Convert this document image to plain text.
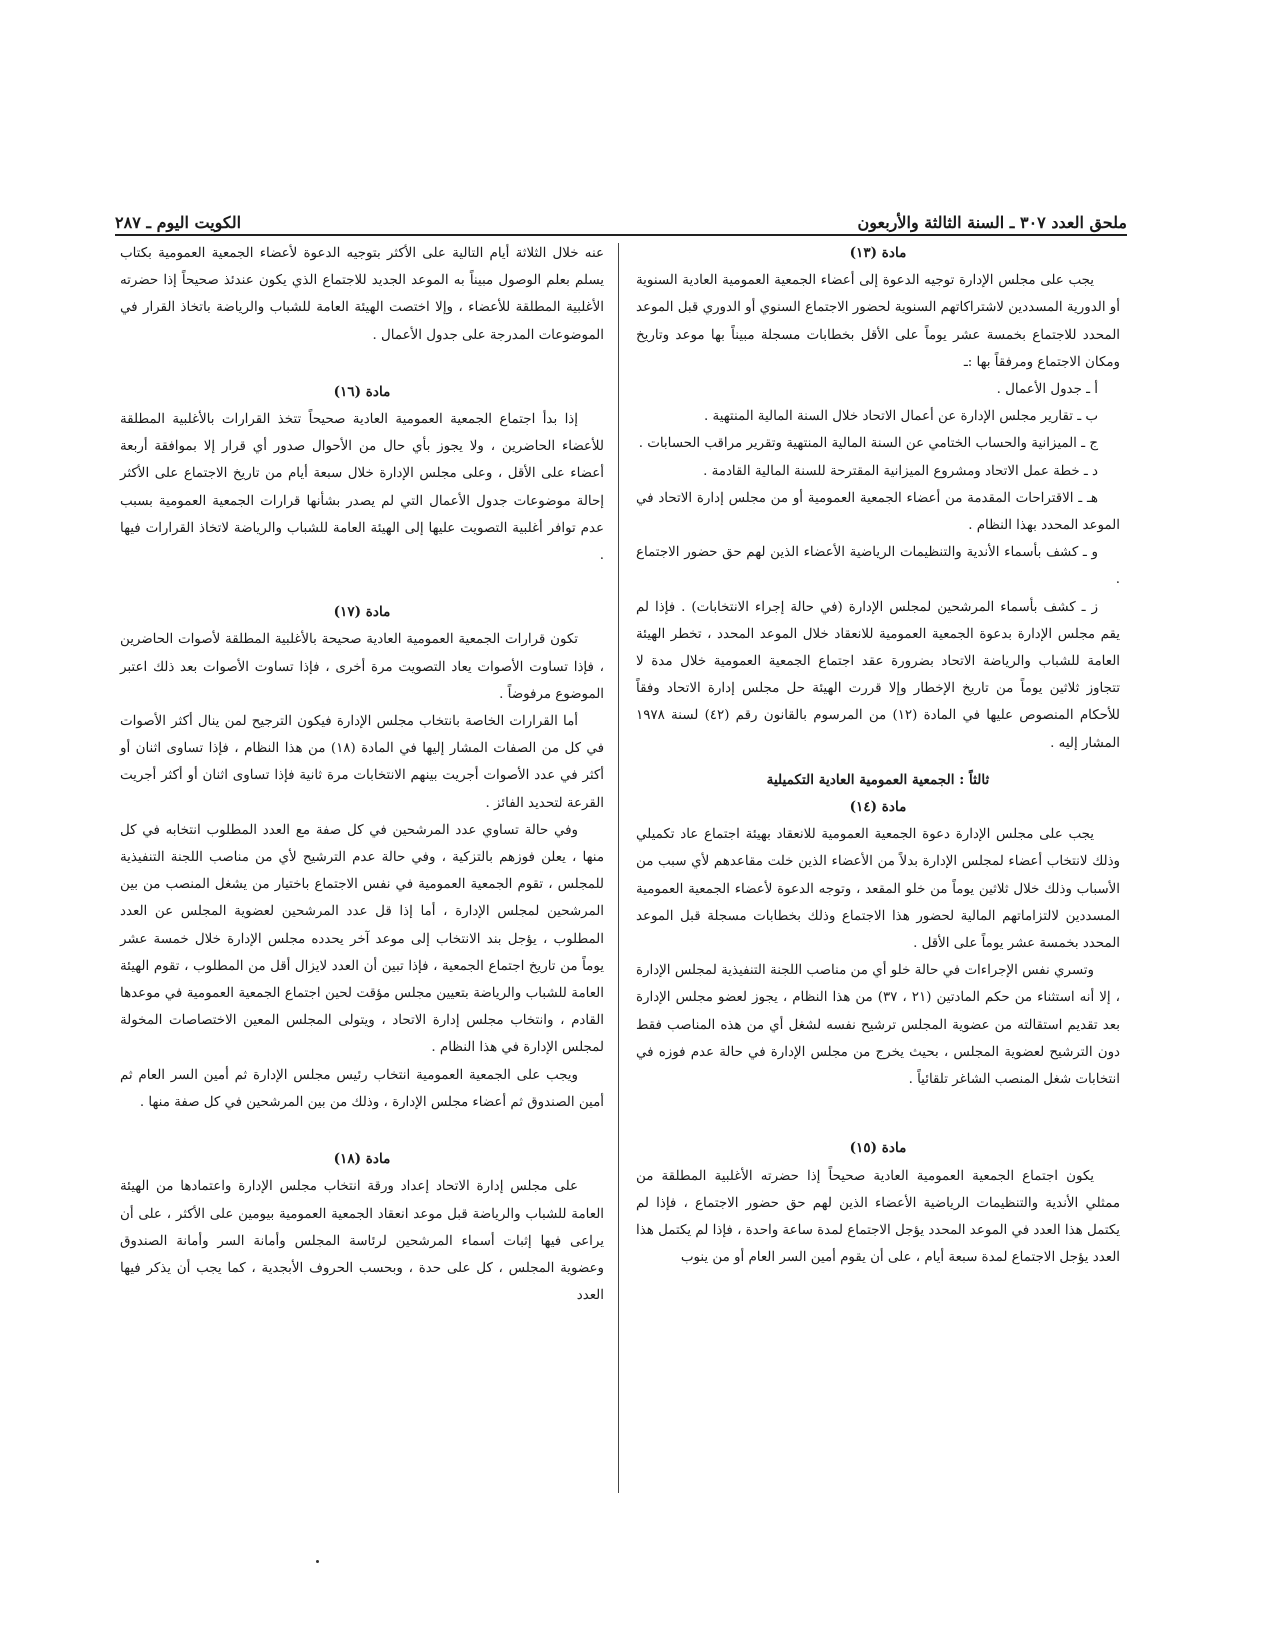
ملحق العدد ٣٠٧ ـ السنة الثالثة والأربعون
الكويت اليوم ـ ٢٨٧
مادة (١٣)

يجب على مجلس الإدارة توجيه الدعوة إلى أعضاء الجمعية العمومية العادية السنوية أو الدورية المسددين لاشتراكاتهم السنوية لحضور الاجتماع السنوي أو الدوري قبل الموعد المحدد للاجتماع بخمسة عشر يوماً على الأقل بخطابات مسجلة مبيناً بها موعد وتاريخ ومكان الاجتماع ومرفقاً بها :ـ

أ ـ جدول الأعمال .

ب ـ تقارير مجلس الإدارة عن أعمال الاتحاد خلال السنة المالية المنتهية .

ج ـ الميزانية والحساب الختامي عن السنة المالية المنتهية وتقرير مراقب الحسابات .

د ـ خطة عمل الاتحاد ومشروع الميزانية المقترحة للسنة المالية القادمة .

هـ ـ الاقتراحات المقدمة من أعضاء الجمعية العمومية أو من مجلس إدارة الاتحاد في الموعد المحدد بهذا النظام .

و ـ كشف بأسماء الأندية والتنظيمات الرياضية الأعضاء الذين لهم حق حضور الاجتماع .

ز ـ كشف بأسماء المرشحين لمجلس الإدارة (في حالة إجراء الانتخابات) . فإذا لم يقم مجلس الإدارة بدعوة الجمعية العمومية للانعقاد خلال الموعد المحدد ، تخطر الهيئة العامة للشباب والرياضة الاتحاد بضرورة عقد اجتماع الجمعية العمومية خلال مدة لا تتجاوز ثلاثين يوماً من تاريخ الإخطار وإلا قررت الهيئة حل مجلس إدارة الاتحاد وفقاً للأحكام المنصوص عليها في المادة (١٢) من المرسوم بالقانون رقم (٤٢) لسنة ١٩٧٨ المشار إليه .

ثالثاً : الجمعية العمومية العادية التكميلية
مادة (١٤)

يجب على مجلس الإدارة دعوة الجمعية العمومية للانعقاد بهيئة اجتماع عاد تكميلي وذلك لانتخاب أعضاء لمجلس الإدارة بدلاً من الأعضاء الذين خلت مقاعدهم لأي سبب من الأسباب وذلك خلال ثلاثين يوماً من خلو المقعد ، وتوجه الدعوة لأعضاء الجمعية العمومية المسددين لالتزاماتهم المالية لحضور هذا الاجتماع وذلك بخطابات مسجلة قبل الموعد المحدد بخمسة عشر يوماً على الأقل .

وتسري نفس الإجراءات في حالة خلو أي من مناصب اللجنة التنفيذية لمجلس الإدارة ، إلا أنه استثناء من حكم المادتين (٢١ ، ٣٧) من هذا النظام ، يجوز لعضو مجلس الإدارة بعد تقديم استقالته من عضوية المجلس ترشيح نفسه لشغل أي من هذه المناصب فقط دون الترشيح لعضوية المجلس ، بحيث يخرج من مجلس الإدارة في حالة عدم فوزه في انتخابات شغل المنصب الشاغر تلقائياً .

مادة (١٥)

يكون اجتماع الجمعية العمومية العادية صحيحاً إذا حضرته الأغلبية المطلقة من ممثلي الأندية والتنظيمات الرياضية الأعضاء الذين لهم حق حضور الاجتماع ، فإذا لم يكتمل هذا العدد في الموعد المحدد يؤجل الاجتماع لمدة ساعة واحدة ، فإذا لم يكتمل هذا العدد يؤجل الاجتماع لمدة سبعة أيام ، على أن يقوم أمين السر العام أو من ينوب

عنه خلال الثلاثة أيام التالية على الأكثر بتوجيه الدعوة لأعضاء الجمعية العمومية بكتاب يسلم بعلم الوصول مبيناً به الموعد الجديد للاجتماع الذي يكون عندئذ صحيحاً إذا حضرته الأغلبية المطلقة للأعضاء ، وإلا اختصت الهيئة العامة للشباب والرياضة باتخاذ القرار في الموضوعات المدرجة على جدول الأعمال .

مادة (١٦)

إذا بدأ اجتماع الجمعية العمومية العادية صحيحاً تتخذ القرارات بالأغلبية المطلقة للأعضاء الحاضرين ، ولا يجوز بأي حال من الأحوال صدور أي قرار إلا بموافقة أربعة أعضاء على الأقل ، وعلى مجلس الإدارة خلال سبعة أيام من تاريخ الاجتماع على الأكثر إحالة موضوعات جدول الأعمال التي لم يصدر بشأنها قرارات الجمعية العمومية بسبب عدم توافر أغلبية التصويت عليها إلى الهيئة العامة للشباب والرياضة لاتخاذ القرارات فيها .

مادة (١٧)

تكون قرارات الجمعية العمومية العادية صحيحة بالأغلبية المطلقة لأصوات الحاضرين ، فإذا تساوت الأصوات يعاد التصويت مرة أخرى ، فإذا تساوت الأصوات بعد ذلك اعتبر الموضوع مرفوضاً .

أما القرارات الخاصة بانتخاب مجلس الإدارة فيكون الترجيح لمن ينال أكثر الأصوات في كل من الصفات المشار إليها في المادة (١٨) من هذا النظام ، فإذا تساوى اثنان أو أكثر في عدد الأصوات أجريت بينهم الانتخابات مرة ثانية فإذا تساوى اثنان أو أكثر أجريت القرعة لتحديد الفائز .

وفي حالة تساوي عدد المرشحين في كل صفة مع العدد المطلوب انتخابه في كل منها ، يعلن فوزهم بالتزكية ، وفي حالة عدم الترشيح لأي من مناصب اللجنة التنفيذية للمجلس ، تقوم الجمعية العمومية في نفس الاجتماع باختيار من يشغل المنصب من بين المرشحين لمجلس الإدارة ، أما إذا قل عدد المرشحين لعضوية المجلس عن العدد المطلوب ، يؤجل بند الانتخاب إلى موعد آخر يحدده مجلس الإدارة خلال خمسة عشر يوماً من تاريخ اجتماع الجمعية ، فإذا تبين أن العدد لايزال أقل من المطلوب ، تقوم الهيئة العامة للشباب والرياضة بتعيين مجلس مؤقت لحين اجتماع الجمعية العمومية في موعدها القادم ، وانتخاب مجلس إدارة الاتحاد ، ويتولى المجلس المعين الاختصاصات المخولة لمجلس الإدارة في هذا النظام .

ويجب على الجمعية العمومية انتخاب رئيس مجلس الإدارة ثم أمين السر العام ثم أمين الصندوق ثم أعضاء مجلس الإدارة ، وذلك من بين المرشحين في كل صفة منها .

مادة (١٨)

على مجلس إدارة الاتحاد إعداد ورقة انتخاب مجلس الإدارة واعتمادها من الهيئة العامة للشباب والرياضة قبل موعد انعقاد الجمعية العمومية بيومين على الأكثر ، على أن يراعى فيها إثبات أسماء المرشحين لرئاسة المجلس وأمانة السر وأمانة الصندوق وعضوية المجلس ، كل على حدة ، وبحسب الحروف الأبجدية ، كما يجب أن يذكر فيها العدد
